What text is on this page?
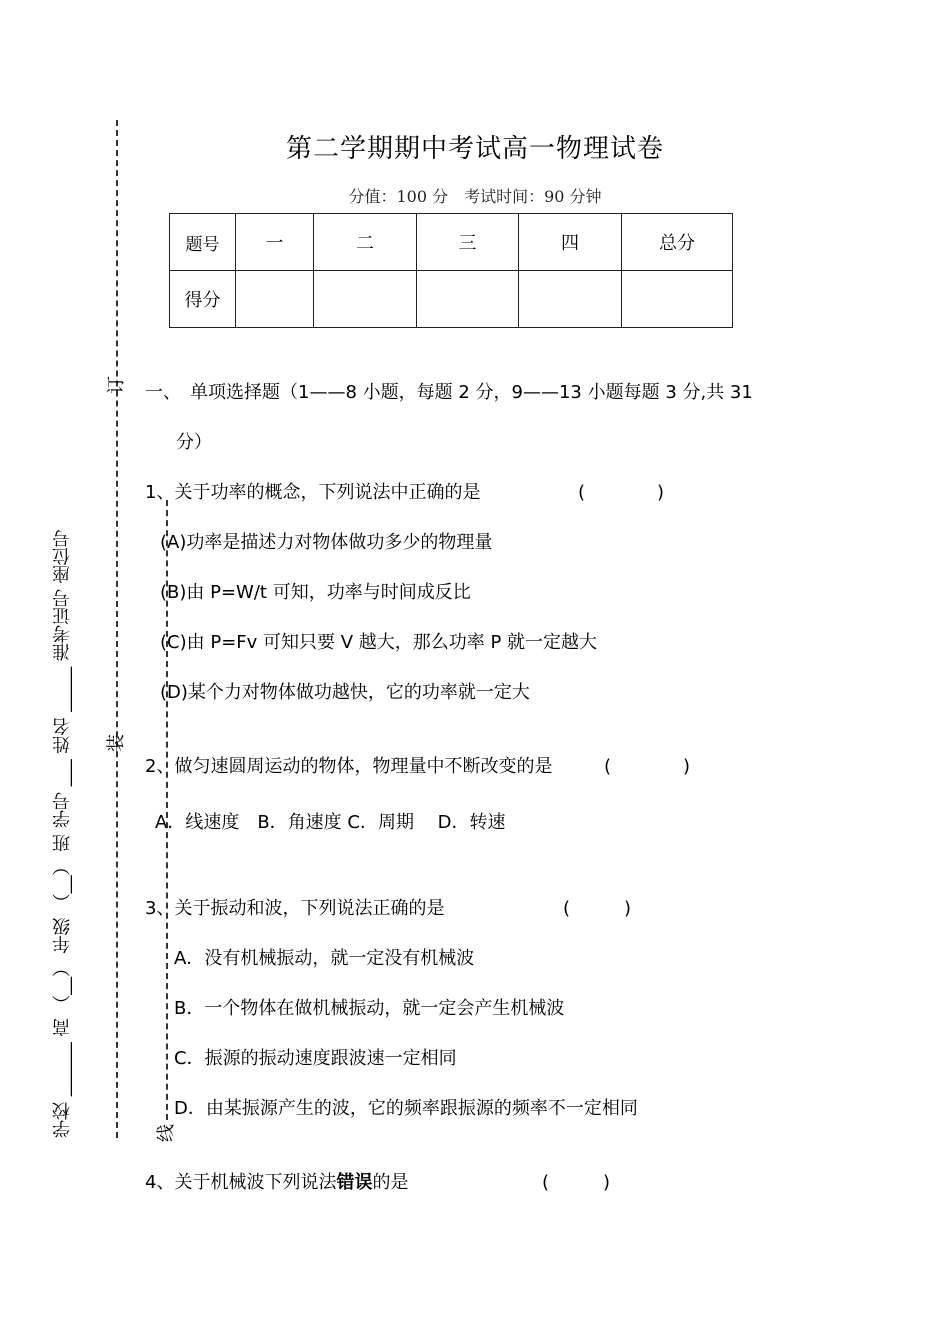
学校 ______ 高 （__） 年级 （__） 班 学号 ___ 姓名 _____ 准考证号 座位号
订
装
线
第二学期期中考试高一物理试卷
分值：100 分　考试时间：90 分钟
题号	一	二	三	四	总分
得分					
一、　单项选择题（1——8 小题，每题 2 分，9——13 小题每题 3 分,共 31
分）
1、关于功率的概念，下列说法中正确的是	(　　　　)
(A)功率是描述力对物体做功多少的物理量
(B)由 P=W/t 可知，功率与时间成反比
(C)由 P=Fv 可知只要 V 越大，那么功率 P 就一定越大
(D)某个力对物体做功越快，它的功率就一定大
2、做匀速圆周运动的物体，物理量中不断改变的是	(　　　　)
A．线速度　B．角速度 C．周期　 D．转速
3、关于振动和波，下列说法正确的是	(　　　)
A．没有机械振动，就一定没有机械波
B．一个物体在做机械振动，就一定会产生机械波
C．振源的振动速度跟波速一定相同
D．由某振源产生的波，它的频率跟振源的频率不一定相同
4、关于机械波下列说法错误的是	(　　　)
